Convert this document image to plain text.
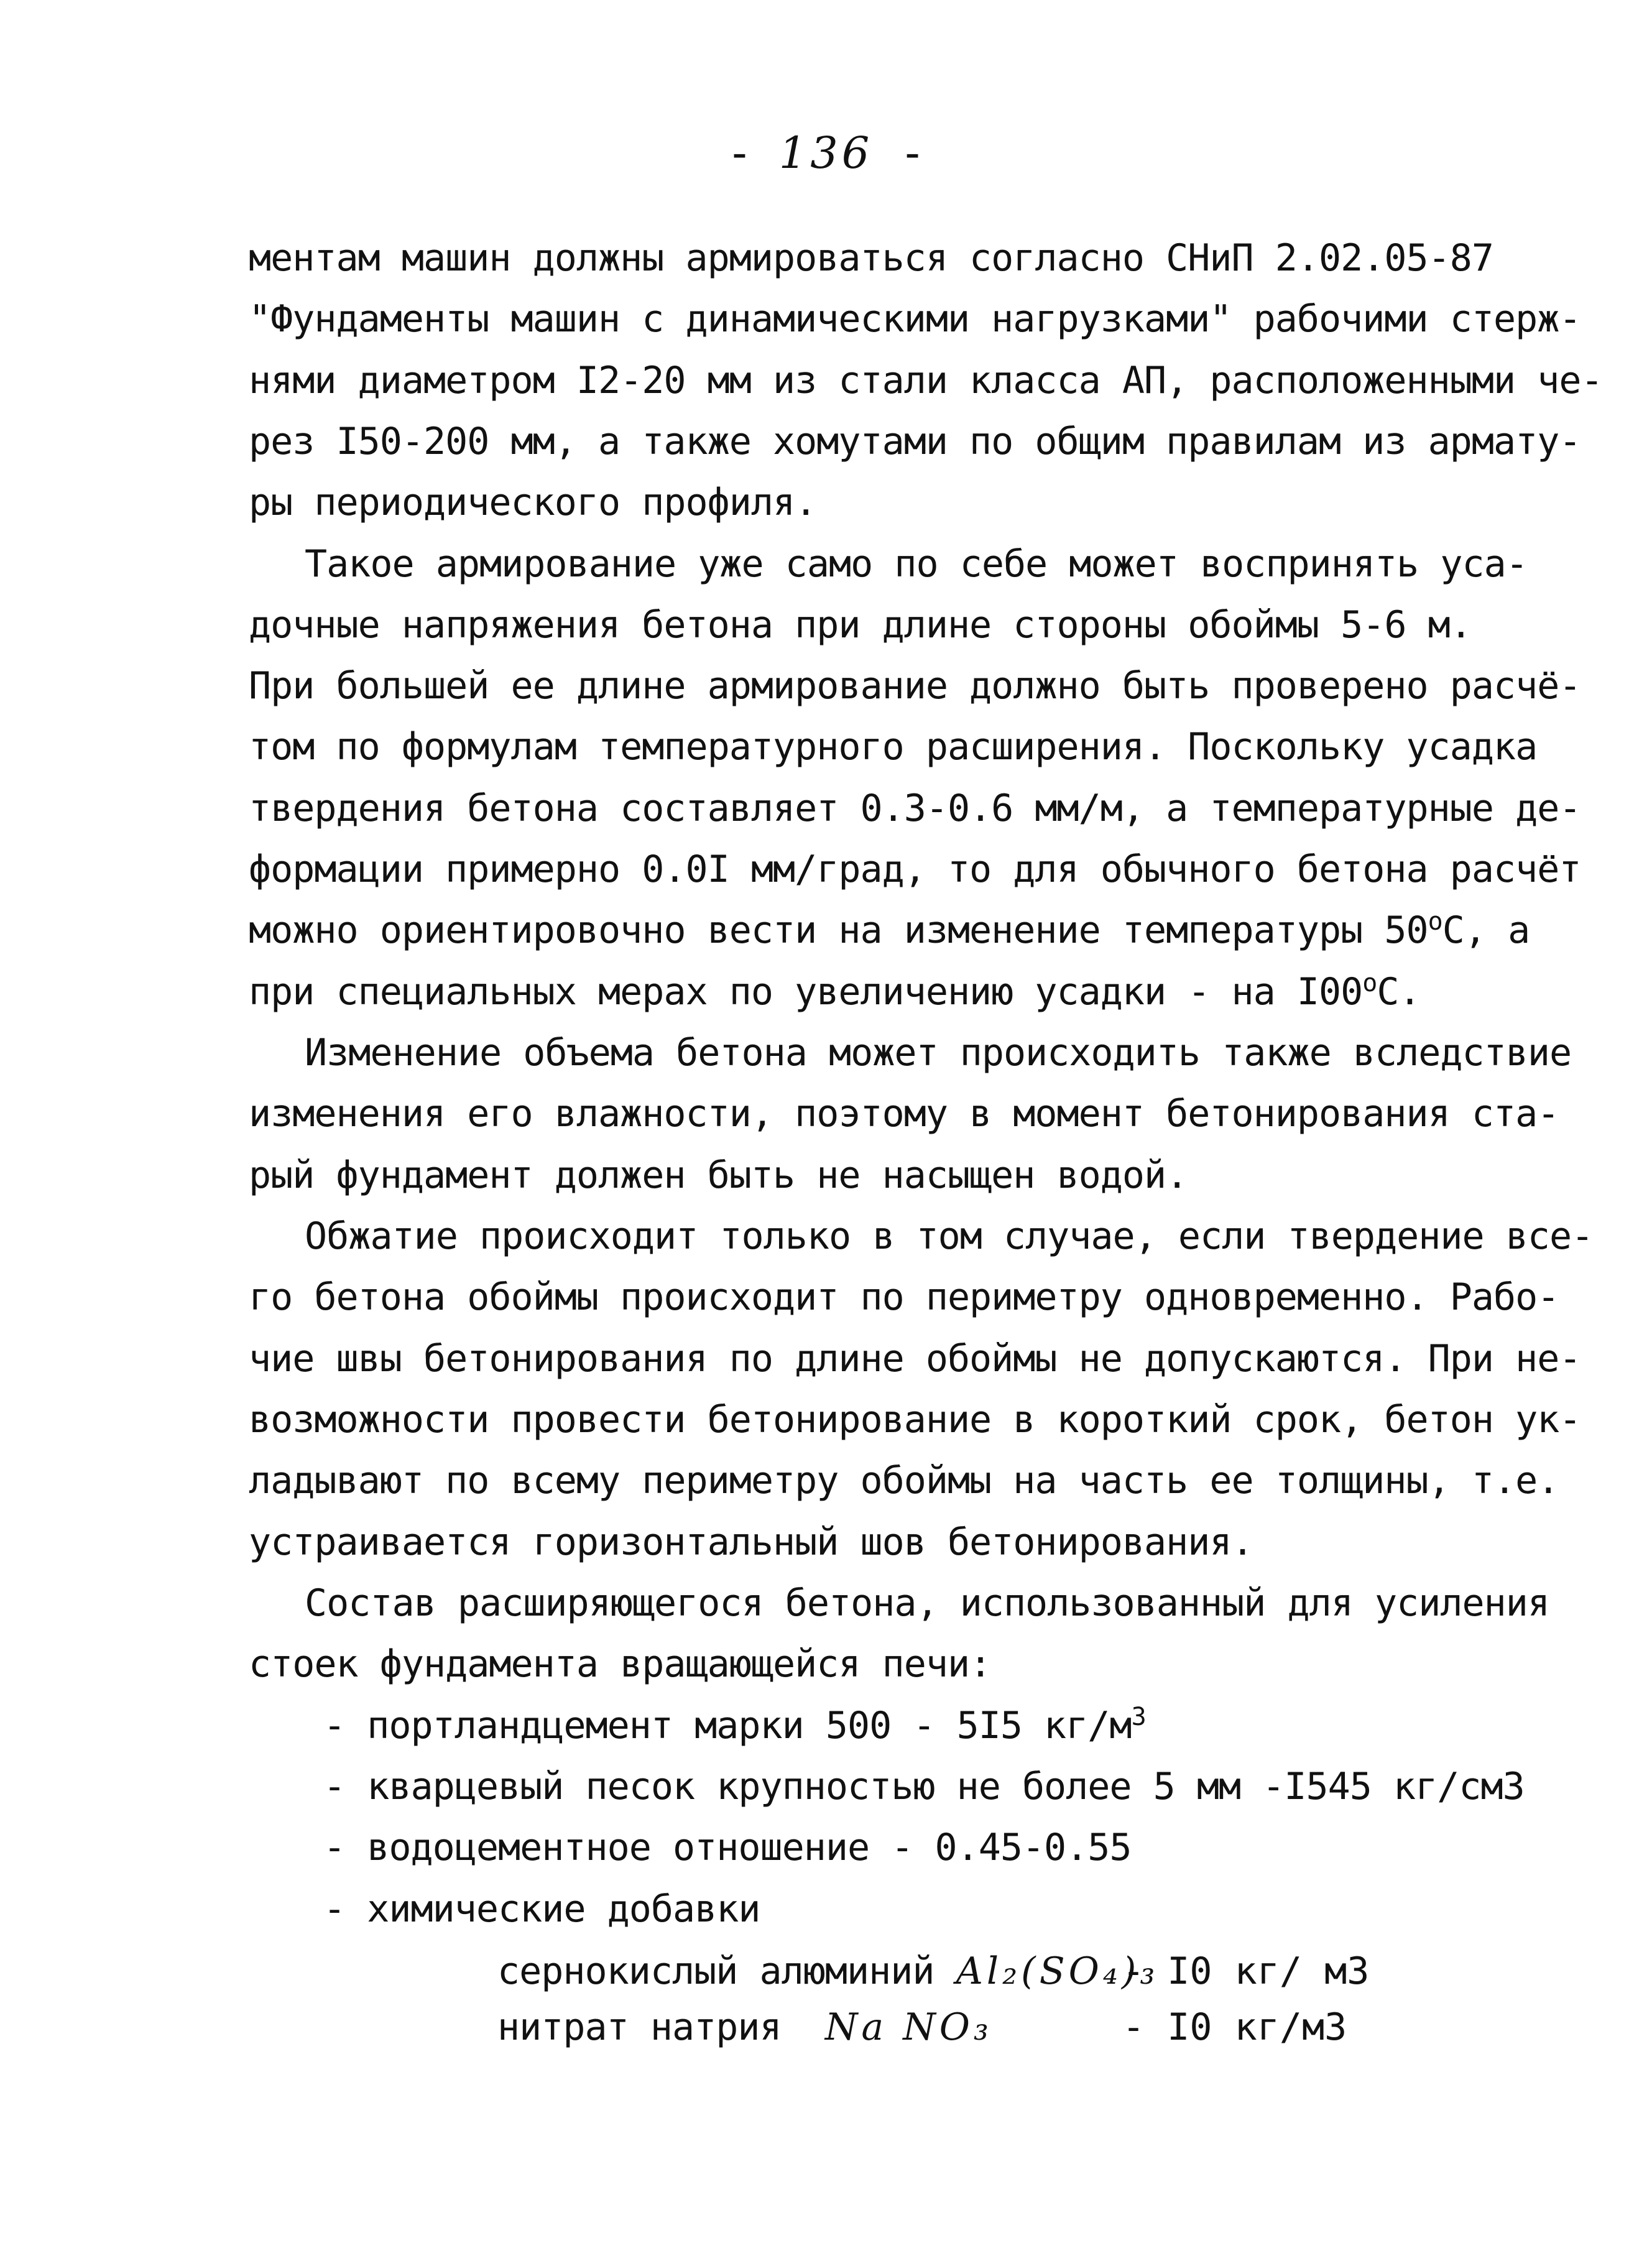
- 136 -
ментам машин должны армироваться согласно СНиП 2.02.05-87
"Фундаменты машин с динамическими нагрузками" рабочими стерж-
нями диаметром I2-20 мм из стали класса АП, расположенными че-
рез I50-200 мм, а также хомутами по общим правилам из армату-
ры периодического профиля.
Такое армирование уже само по себе может воспринять уса-
дочные напряжения бетона при длине стороны обоймы 5-6 м.
При большей ее длине армирование должно быть проверено расчё-
том по формулам температурного расширения. Поскольку усадка
твердения бетона составляет 0.3-0.6 мм/м, а температурные де-
формации примерно 0.0I мм/град, то для обычного бетона расчёт
можно ориентировочно вести на изменение температуры 50$^o$С, а
при специальных мерах по увеличению усадки - на I00$^o$С.
Изменение объема бетона может происходить также вследствие
изменения его влажности, поэтому в момент бетонирования ста-
рый фундамент должен быть не насыщен водой.
Обжатие происходит только в том случае, если твердение все-
го бетона обоймы происходит по периметру одновременно. Рабо-
чие швы бетонирования по длине обоймы не допускаются. При не-
возможности провести бетонирование в короткий срок, бетон ук-
ладывают по всему периметру обоймы на часть ее толщины, т.е.
устраивается горизонтальный шов бетонирования.
Состав расширяющегося бетона, использованный для усиления
стоек фундамента вращающейся печи:
- портландцемент марки 500 - 5I5 $кг/м^3$
- кварцевый песок крупностью не более 5 мм -I545 кг/см3
- водоцементное отношение - 0.45-0.55
- химические добавки
сернокислый алюминий Al₂(SO₄)₃
- I0 кг/ м3
нитрат натрия Na NO₃	- I0 кг/м3
